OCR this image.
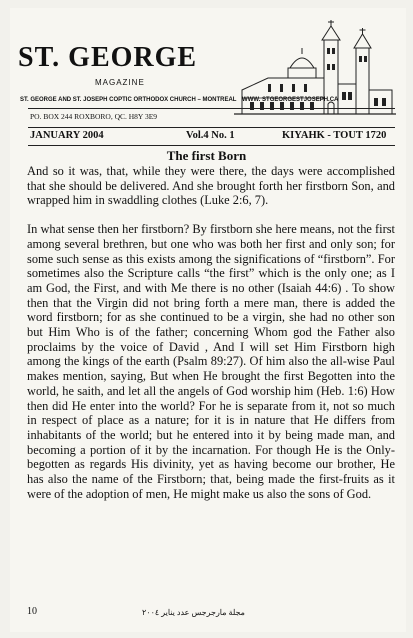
ST. GEORGE
MAGAZINE
ST. GEORGE AND ST. JOSEPH COPTIC ORTHODOX CHURCH – MONTREAL WWW. STGEORGESTJOSEPH.CA
PO. BOX 244 ROXBORO, QC. H8Y 3E9
JANUARY 2004	Vol.4 No. 1	KIYAHK - TOUT 1720
The first Born

And so it was, that, while they were there, the days were accomplished that she should be delivered. And she brought forth her firstborn Son, and wrapped him in swaddling clothes (Luke 2:6, 7).

In what sense then her firstborn? By firstborn she here means, not the first among several brethren, but one who was both her first and only son; for some such sense as this exists among the significations of “firstborn”. For sometimes also the Scripture calls “the first” which is the only one; as I am God, the First, and with Me there is no other (Isaiah 44:6) . To show then that the Virgin did not bring forth a mere man, there is added the word firstborn; for as she continued to be a virgin, she had no other son but Him Who is of the father; concerning Whom god the Father also proclaims by the voice of David , And I will set Him Firstborn high among the kings of the earth (Psalm 89:27). Of him also the all-wise Paul makes mention, saying, But when He brought the first Begotten into the world, he saith, and let all the angels of God worship him (Heb. 1:6) How then did He enter into the world? For he is separate from it, not so much in respect of place as a nature; for it is in nature that He differs from inhabitants of the world; but he entered into it by being made man, and becoming a portion of it by the incarnation. For though He is the Only-begotten as regards His divinity, yet as having become our brother, He has also the name of the Firstborn; that, being made the first-fruits as it were of the adoption of men, He might make us also the sons of God.

10	مجلة مارجرجس عدد يناير ٢٠٠٤
